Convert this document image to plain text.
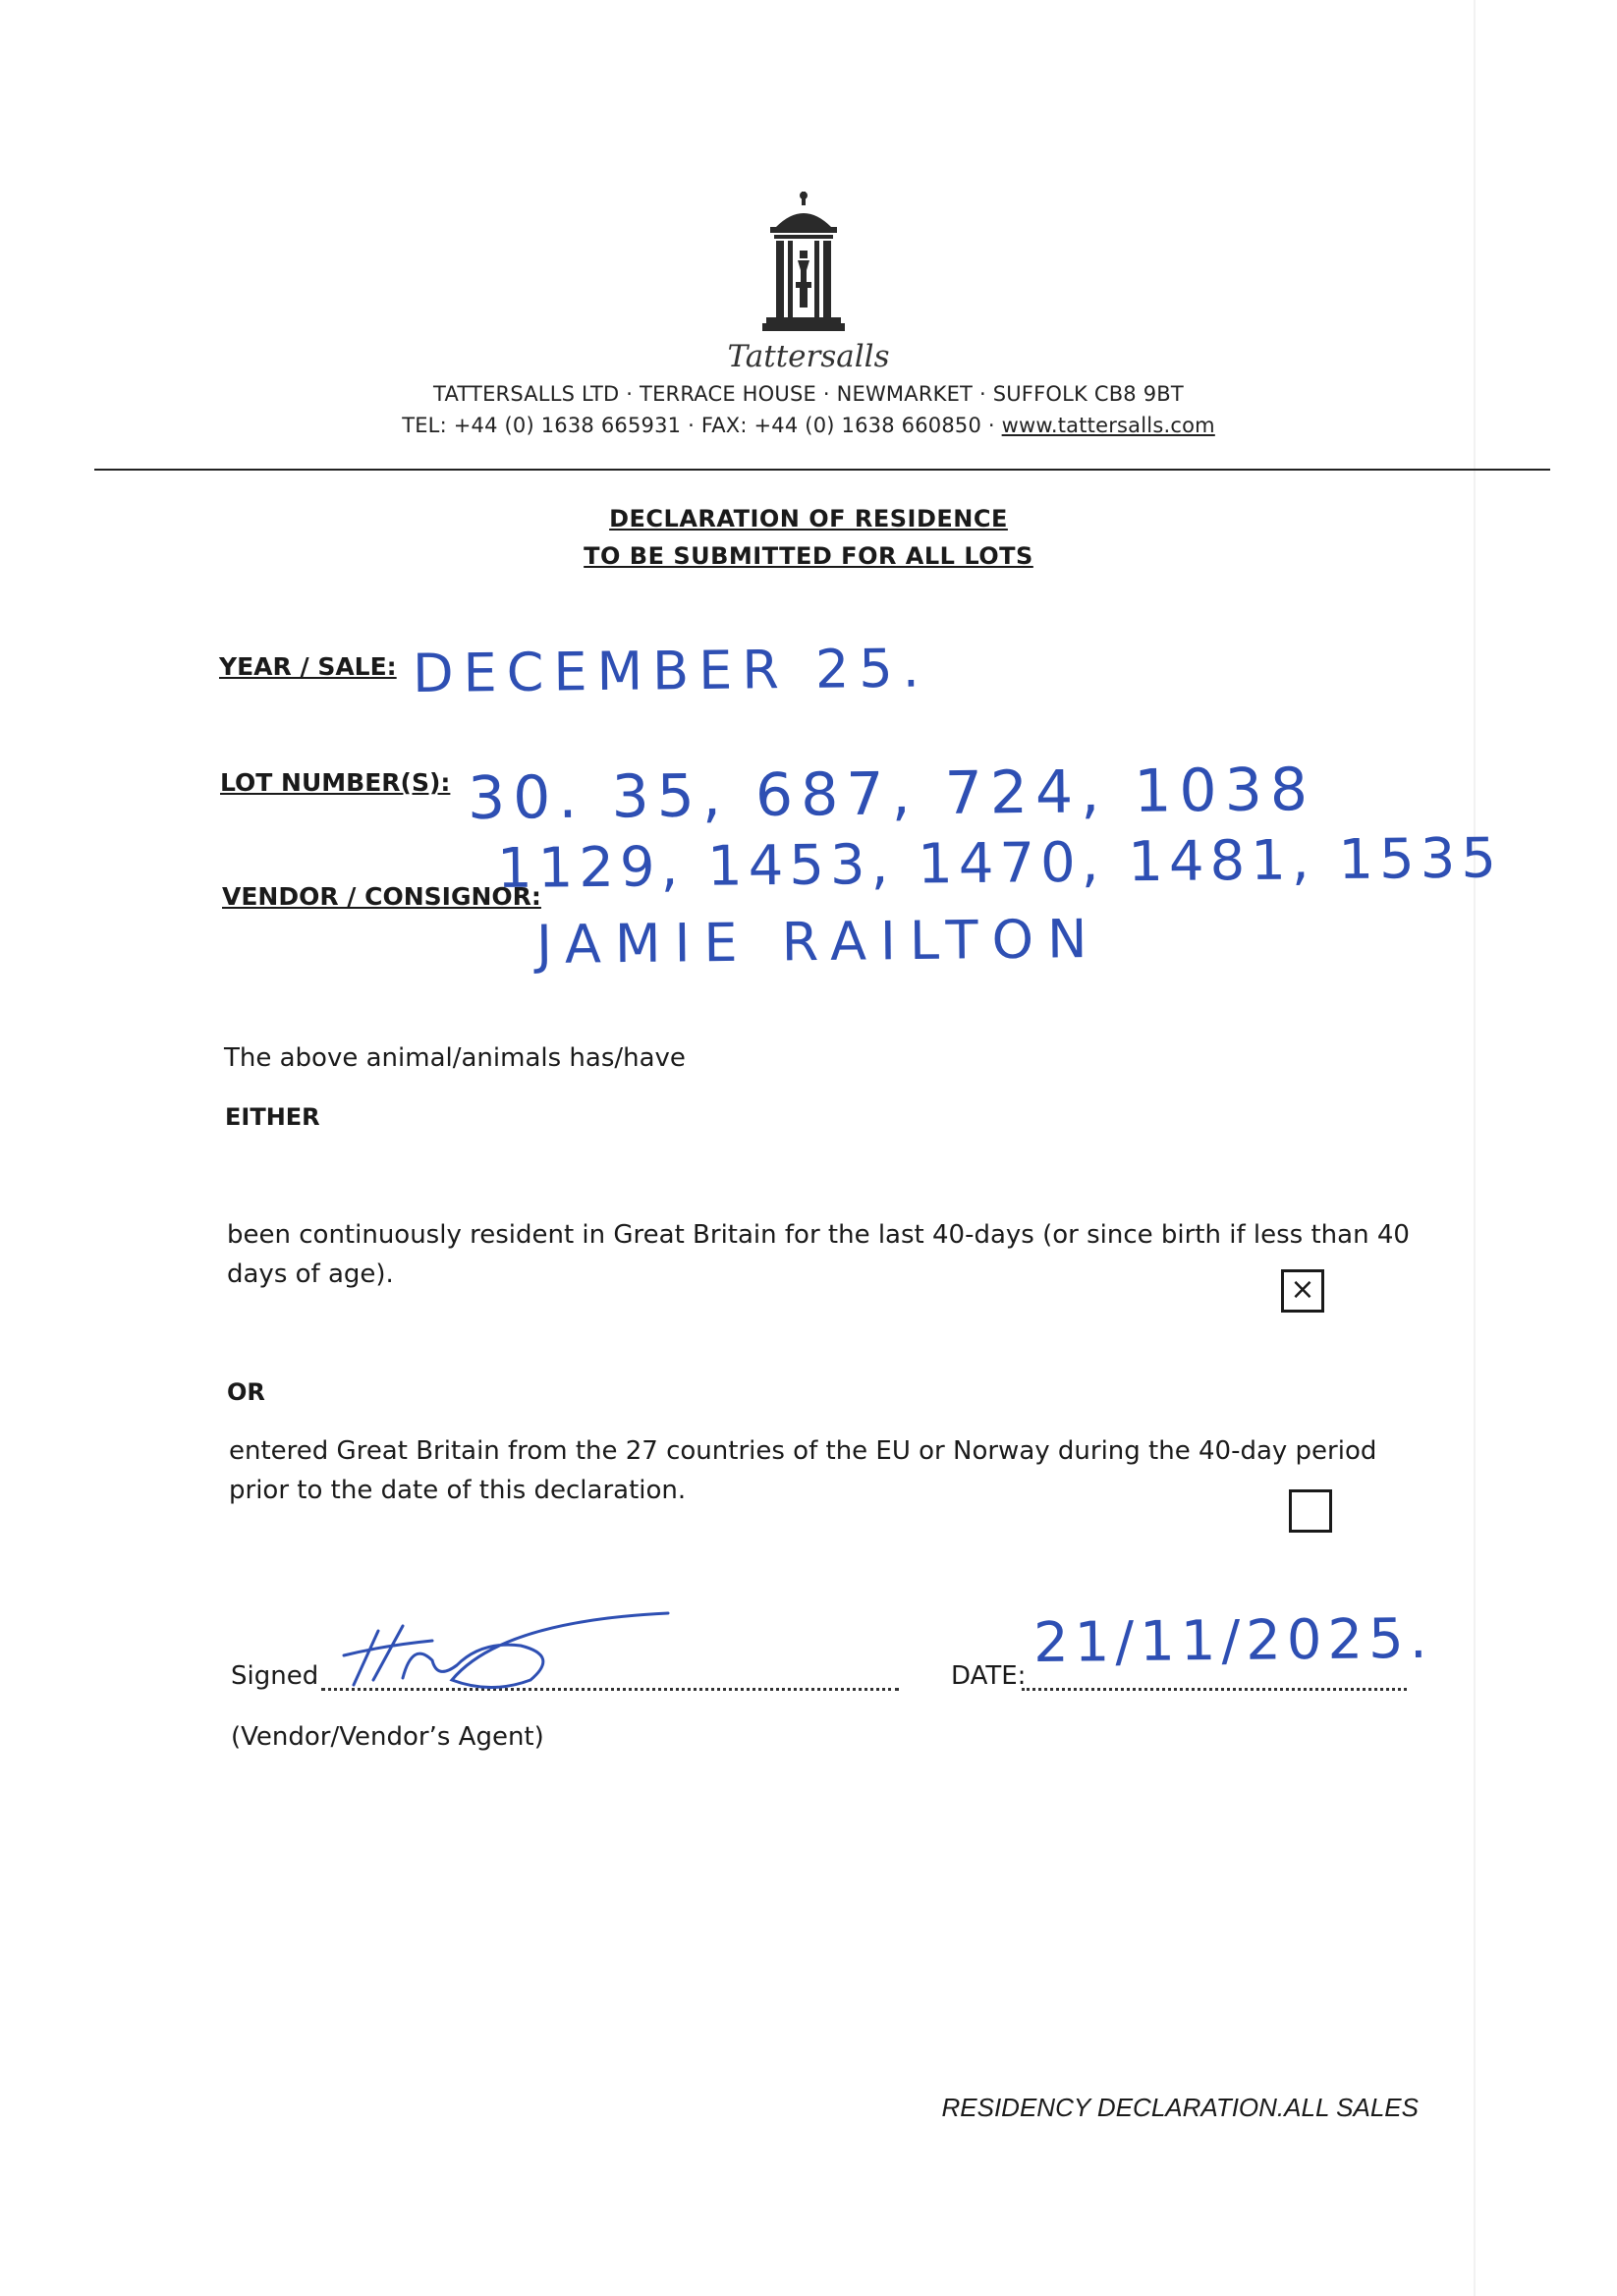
Tattersalls
TATTERSALLS LTD · TERRACE HOUSE · NEWMARKET · SUFFOLK CB8 9BT
TEL: +44 (0) 1638 665931 · FAX: +44 (0) 1638 660850 · www.tattersalls.com
DECLARATION OF RESIDENCE
TO BE SUBMITTED FOR ALL LOTS
YEAR / SALE: DECEMBER 25.
LOT NUMBER(S): 30. 35, 687, 724, 1038
1129, 1453, 1470, 1481, 1535
VENDOR / CONSIGNOR:
JAMIE RAILTON
The above animal/animals has/have
EITHER
been continuously resident in Great Britain for the last 40-days (or since birth if less than 40
days of age).	×
OR
entered Great Britain from the 27 countries of the EU or Norway during the 40-day period
prior to the date of this declaration.
Signed	DATE:
21/11/2025.
(Vendor/Vendor’s Agent)
RESIDENCY DECLARATION.ALL SALES
